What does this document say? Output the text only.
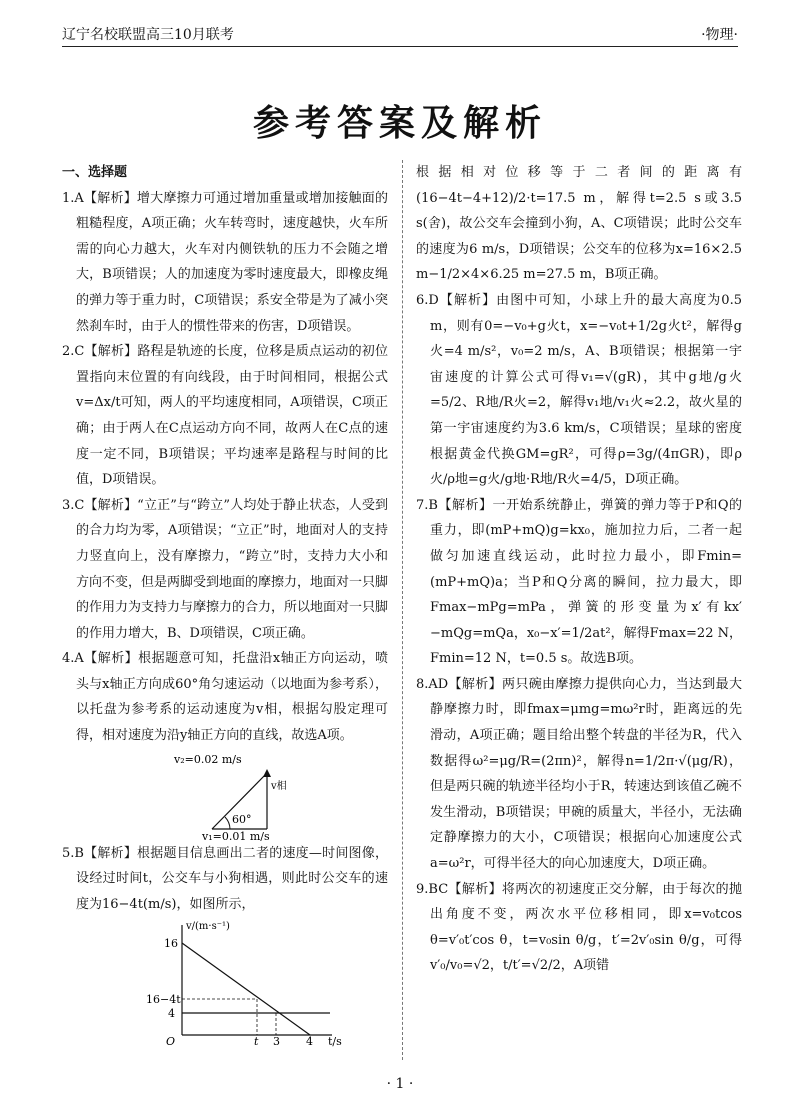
辽宁名校联盟高三10月联考	·物理·
参考答案及解析

一、选择题

1.A【解析】增大摩擦力可通过增加重量或增加接触面的粗糙程度，A项正确；火车转弯时，速度越快，火车所需的向心力越大，火车对内侧铁轨的压力不会随之增大，B项错误；人的加速度为零时速度最大，即橡皮绳的弹力等于重力时，C项错误；系安全带是为了减小突然刹车时，由于人的惯性带来的伤害，D项错误。

2.C【解析】路程是轨迹的长度，位移是质点运动的初位置指向末位置的有向线段，由于时间相同，根据公式v=Δx/t可知，两人的平均速度相同，A项错误，C项正确；由于两人在C点运动方向不同，故两人在C点的速度一定不同，B项错误；平均速率是路程与时间的比值，D项错误。

3.C【解析】“立正”与“跨立”人均处于静止状态，人受到的合力均为零，A项错误；“立正”时，地面对人的支持力竖直向上，没有摩擦力，“跨立”时，支持力大小和方向不变，但是两脚受到地面的摩擦力，地面对一只脚的作用力为支持力与摩擦力的合力，所以地面对一只脚的作用力增大，B、D项错误，C项正确。

4.A【解析】根据题意可知，托盘沿x轴正方向运动，喷头与x轴正方向成60°角匀速运动（以地面为参考系），以托盘为参考系的运动速度为v相，根据勾股定理可得，相对速度为沿y轴正方向的直线，故选A项。

v₂=0.02 m/s
60°
v相
v₁=0.01 m/s

5.B【解析】根据题目信息画出二者的速度—时间图像，设经过时间t，公交车与小狗相遇，则此时公交车的速度为16−4t(m/s)，如图所示，

v/(m·s⁻¹)
16
16−4t
4
O	t 3 4 t/s

根据相对位移等于二者间的距离有(16−4t−4+12)/2·t=17.5 m，解得t=2.5 s或3.5 s(舍)，故公交车会撞到小狗，A、C项错误；此时公交车的速度为6 m/s，D项错误；公交车的位移为x=16×2.5 m−1/2×4×6.25 m=27.5 m，B项正确。

6.D【解析】由图中可知，小球上升的最大高度为0.5 m，则有0=−v₀+g火t，x=−v₀t+1/2g火t²，解得g火=4 m/s²，v₀=2 m/s，A、B项错误；根据第一宇宙速度的计算公式可得v₁=√(gR)，其中g地/g火=5/2、R地/R火=2，解得v₁地/v₁火≈2.2，故火星的第一宇宙速度约为3.6 km/s，C项错误；星球的密度根据黄金代换GM=gR²，可得ρ=3g/(4πGR)，即ρ火/ρ地=g火/g地·R地/R火=4/5，D项正确。

7.B【解析】一开始系统静止，弹簧的弹力等于P和Q的重力，即(mP+mQ)g=kx₀，施加拉力后，二者一起做匀加速直线运动，此时拉力最小，即Fmin=(mP+mQ)a；当P和Q分离的瞬间，拉力最大，即Fmax−mPg=mPa，弹簧的形变量为x′有kx′−mQg=mQa，x₀−x′=1/2at²，解得Fmax=22 N，Fmin=12 N，t=0.5 s。故选B项。

8.AD【解析】两只碗由摩擦力提供向心力，当达到最大静摩擦力时，即fmax=μmg=mω²r时，距离远的先滑动，A项正确；题目给出整个转盘的半径为R，代入数据得ω²=μg/R=(2πn)²，解得n=1/2π·√(μg/R)，但是两只碗的轨迹半径均小于R，转速达到该值乙碗不发生滑动，B项错误；甲碗的质量大，半径小，无法确定静摩擦力的大小，C项错误；根据向心加速度公式a=ω²r，可得半径大的向心加速度大，D项正确。

9.BC【解析】将两次的初速度正交分解，由于每次的抛出角度不变，两次水平位移相同，即x=v₀tcos θ=v′₀t′cos θ，t=v₀sin θ/g，t′=2v′₀sin θ/g，可得v′₀/v₀=√2，t/t′=√2/2，A项错

· 1 ·
